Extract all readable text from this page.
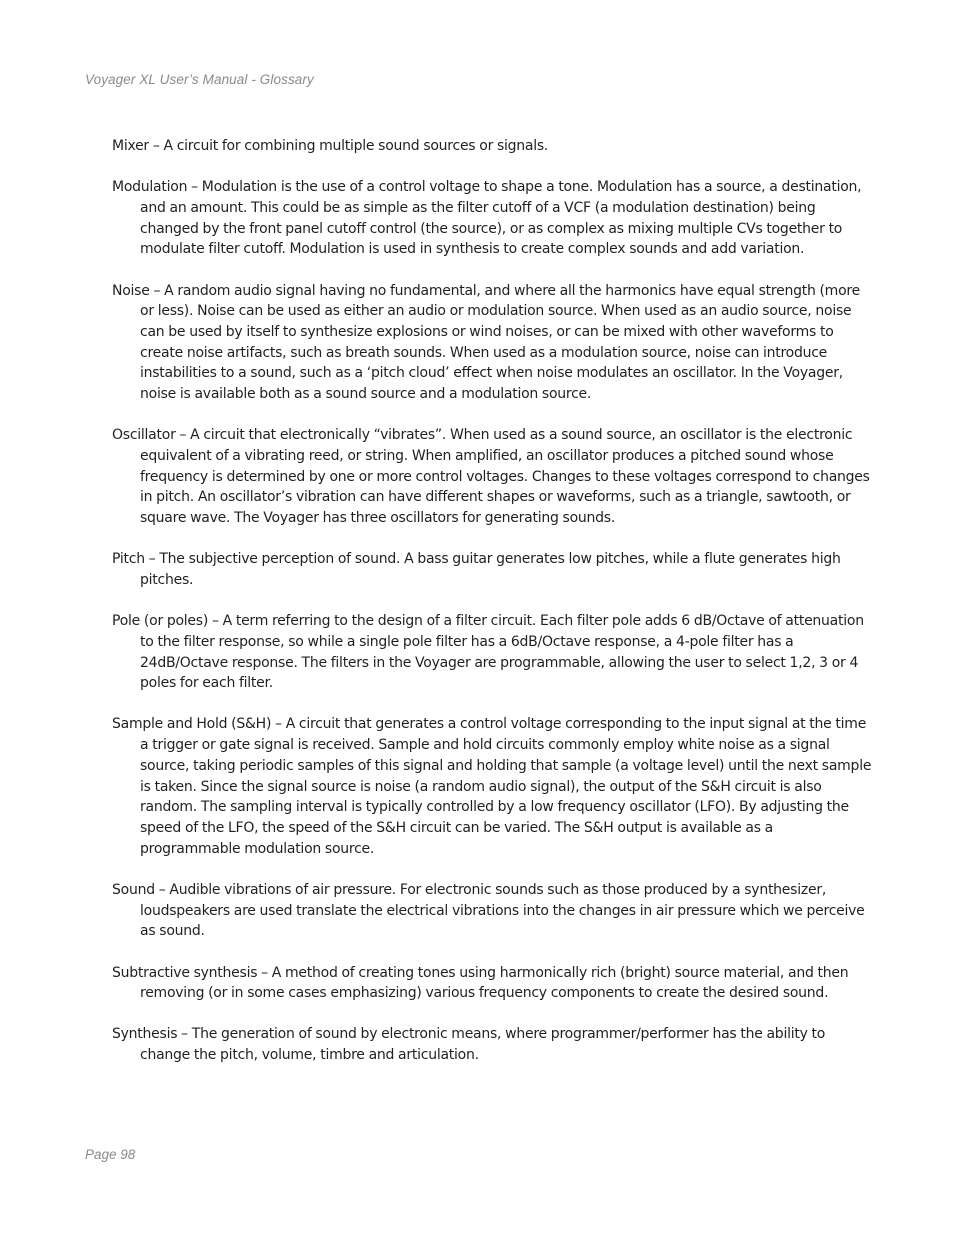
Voyager XL User’s Manual - Glossary
Mixer – A circuit for combining multiple sound sources or signals.
Modulation – Modulation is the use of a control voltage to shape a tone. Modulation has a source, a destination, and an amount. This could be as simple as the filter cutoff of a VCF (a modulation destination) being changed by the front panel cutoff control (the source), or as complex as mixing multiple CVs together to modulate filter cutoff. Modulation is used in synthesis to create complex sounds and add variation.
Noise – A random audio signal having no fundamental, and where all the harmonics have equal strength (more or less). Noise can be used as either an audio or modulation source. When used as an audio source, noise can be used by itself to synthesize explosions or wind noises, or can be mixed with other waveforms to create noise artifacts, such as breath sounds. When used as a modulation source, noise can introduce instabilities to a sound, such as a ‘pitch cloud’ effect when noise modulates an oscillator. In the Voyager, noise is available both as a sound source and a modulation source.
Oscillator – A circuit that electronically “vibrates”. When used as a sound source, an oscillator is the electronic equivalent of a vibrating reed, or string. When amplified, an oscillator produces a pitched sound whose frequency is determined by one or more control voltages. Changes to these voltages correspond to changes in pitch. An oscillator’s vibration can have different shapes or waveforms, such as a triangle, sawtooth, or square wave. The Voyager has three oscillators for generating sounds.
Pitch – The subjective perception of sound. A bass guitar generates low pitches, while a flute generates high pitches.
Pole (or poles) – A term referring to the design of a filter circuit. Each filter pole adds 6 dB/Octave of attenuation to the filter response, so while a single pole filter has a 6dB/Octave response, a 4-pole filter has a 24dB/Octave response. The filters in the Voyager are programmable, allowing the user to select 1,2, 3 or 4 poles for each filter.
Sample and Hold (S&H) – A circuit that generates a control voltage corresponding to the input signal at the time a trigger or gate signal is received. Sample and hold circuits commonly employ white noise as a signal source, taking periodic samples of this signal and holding that sample (a voltage level) until the next sample is taken. Since the signal source is noise (a random audio signal), the output of the S&H circuit is also random. The sampling interval is typically controlled by a low frequency oscillator (LFO). By adjusting the speed of the LFO, the speed of the S&H circuit can be varied. The S&H output is available as a programmable modulation source.
Sound – Audible vibrations of air pressure. For electronic sounds such as those produced by a synthesizer, loudspeakers are used translate the electrical vibrations into the changes in air pressure which we perceive as sound.
Subtractive synthesis – A method of creating tones using harmonically rich (bright) source material, and then removing (or in some cases emphasizing) various frequency components to create the desired sound.
Synthesis – The generation of sound by electronic means, where programmer/performer has the ability to change the pitch, volume, timbre and articulation.
Page 98
